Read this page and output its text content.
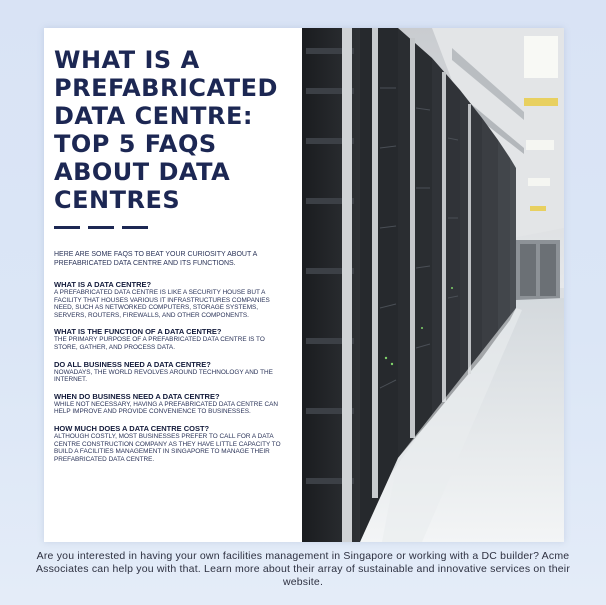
WHAT IS A PREFABRICATED DATA CENTRE: TOP 5 FAQS ABOUT DATA CENTRES
HERE ARE SOME FAQS TO BEAT YOUR CURIOSITY ABOUT A PREFABRICATED DATA CENTRE AND ITS FUNCTIONS.
WHAT IS A DATA CENTRE?
A PREFABRICATED DATA CENTRE IS LIKE A SECURITY HOUSE BUT A FACILITY THAT HOUSES VARIOUS IT INFRASTRUCTURES COMPANIES NEED, SUCH AS NETWORKED COMPUTERS, STORAGE SYSTEMS, SERVERS, ROUTERS, FIREWALLS, AND OTHER COMPONENTS.
WHAT IS THE FUNCTION OF A DATA CENTRE?
THE PRIMARY PURPOSE OF A PREFABRICATED DATA CENTRE IS TO STORE, GATHER, AND PROCESS DATA.
DO ALL BUSINESS NEED A DATA CENTRE?
NOWADAYS, THE WORLD REVOLVES AROUND TECHNOLOGY AND THE INTERNET.
WHEN DO BUSINESS NEED A DATA CENTRE?
WHILE NOT NECESSARY, HAVING A PREFABRICATED DATA CENTRE CAN HELP IMPROVE AND PROVIDE CONVENIENCE TO BUSINESSES.
HOW MUCH DOES A DATA CENTRE COST?
ALTHOUGH COSTLY, MOST BUSINESSES PREFER TO CALL FOR A DATA CENTRE CONSTRUCTION COMPANY AS THEY HAVE LITTLE CAPACITY TO BUILD A FACILITIES MANAGEMENT IN SINGAPORE TO MANAGE THEIR PREFABRICATED DATA CENTRE.
Are you interested in having your own facilities management in Singapore or working with a DC builder? Acme Associates can help you with that. Learn more about their array of sustainable and innovative services on their website.
